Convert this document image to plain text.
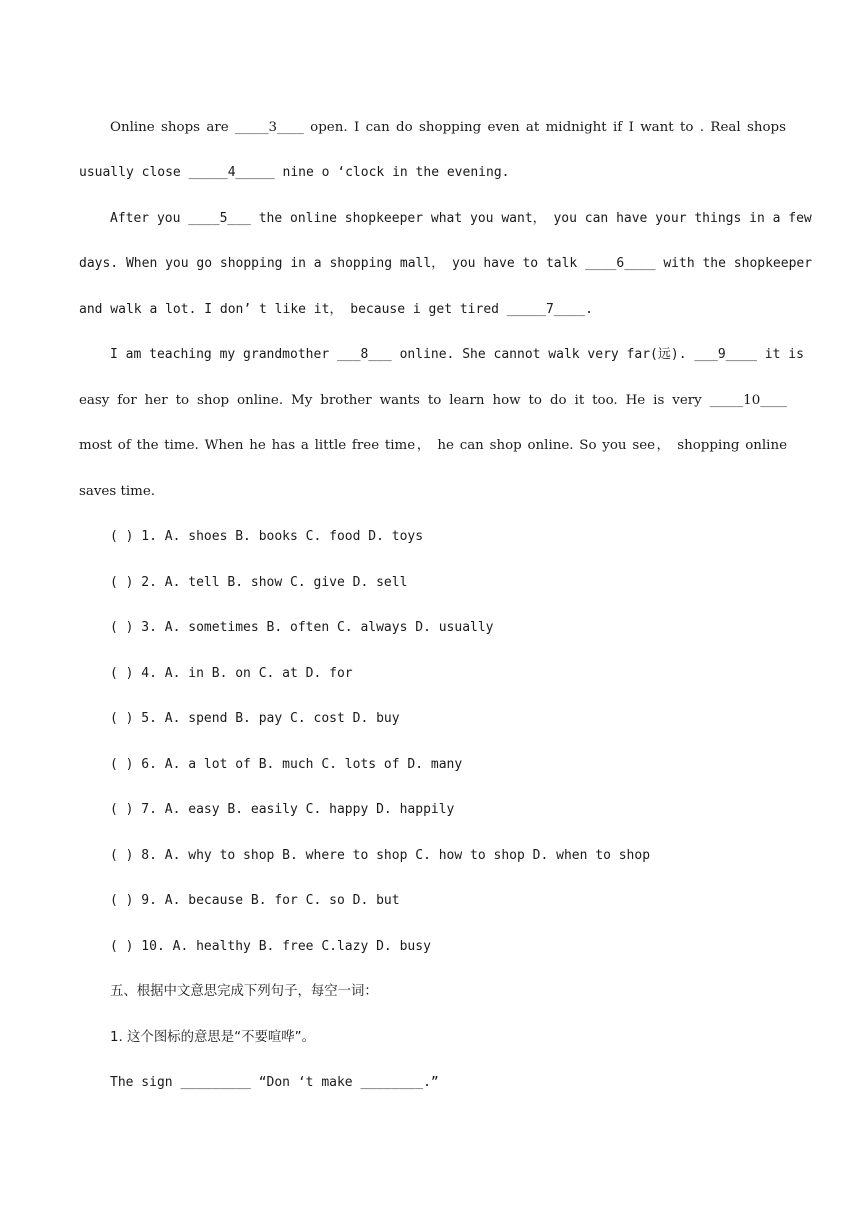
Online shops are _____3____ open. I can do shopping even at midnight if I want to . Real shops
usually close _____4_____ nine o ‘clock in the evening.
After you ____5___ the online shopkeeper what you want， you can have your things in a few
days. When you go shopping in a shopping mall， you have to talk ____6____ with the shopkeeper
and walk a lot. I don’ t like it， because i get tired _____7____.
I am teaching my grandmother ___8___ online. She cannot walk very far(远). ___9____ it is
easy for her to shop online. My brother wants to learn how to do it too. He is very _____10____
most of the time. When he has a little free time， he can shop online. So you see， shopping online
saves time.
( ) 1. A. shoes B. books C. food D. toys
( ) 2. A. tell B. show C. give D. sell
( ) 3. A. sometimes B. often C. always D. usually
( ) 4. A. in B. on C. at D. for
( ) 5. A. spend B. pay C. cost D. buy
( ) 6. A. a lot of B. much C. lots of D. many
( ) 7. A. easy B. easily C. happy D. happily
( ) 8. A. why to shop B. where to shop C. how to shop D. when to shop
( ) 9. A. because B. for C. so D. but
( ) 10. A. healthy B. free C.lazy D. busy
五、根据中文意思完成下列句子，每空一词：
1. 这个图标的意思是“不要喧哗”。
The sign _________ “Don ‘t make ________.”
